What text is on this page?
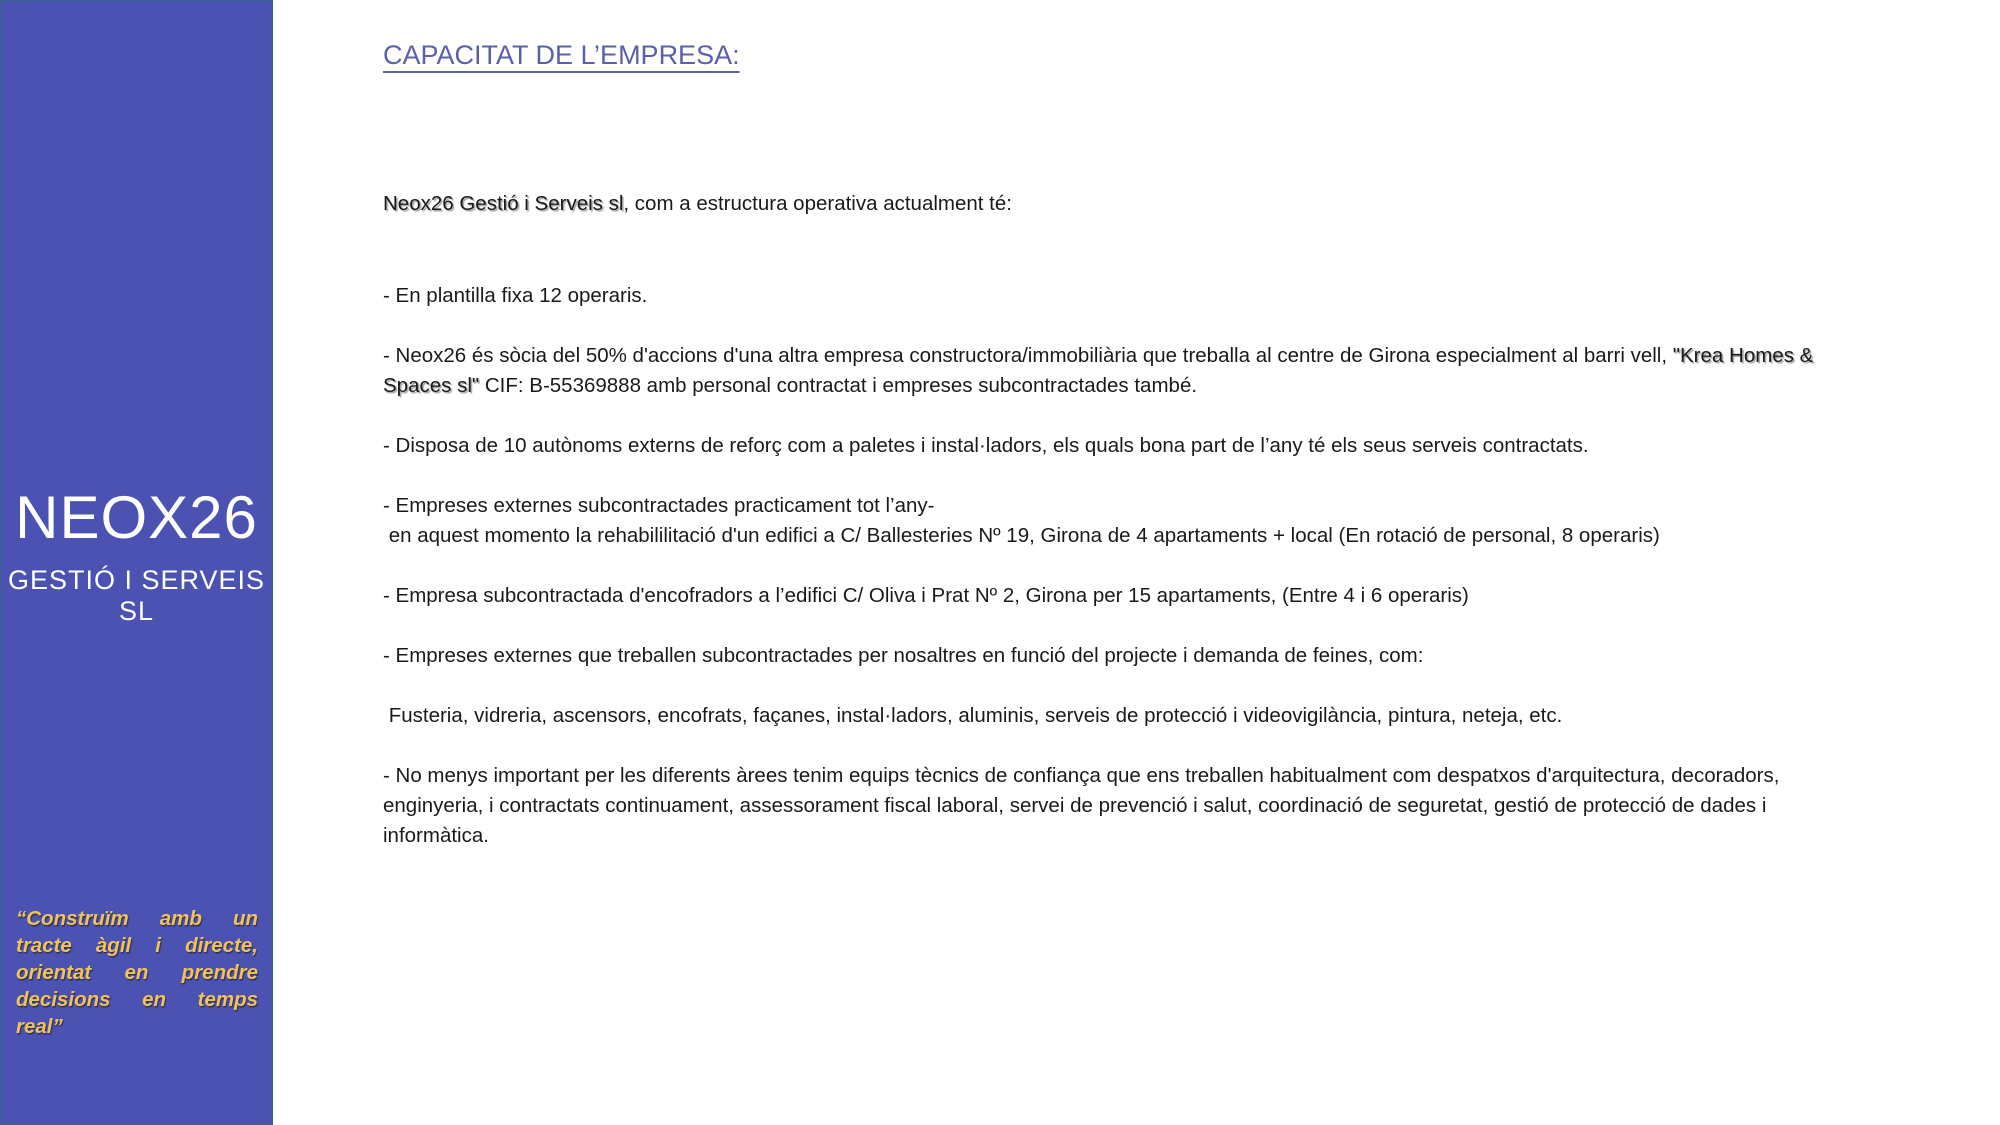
NEOX26
GESTIÓ I SERVEIS SL
“Construïm amb un tracte àgil i directe, orientat en prendre decisions en temps real”
CAPACITAT DE L’EMPRESA:

Neox26 Gestió i Serveis sl, com a estructura operativa actualment té:

- En plantilla fixa 12 operaris.

- Neox26 és sòcia del 50% d'accions d'una altra empresa constructora/immobiliària que treballa al centre de Girona especialment al barri vell, "Krea Homes & Spaces sl" CIF: B-55369888 amb personal contractat i empreses subcontractades també.

- Disposa de 10 autònoms externs de reforç com a paletes i instal·ladors, els quals bona part de l’any té els seus serveis contractats.

- Empreses externes subcontractades practicament tot l’any-
en aquest momento la rehabililitació d'un edifici a C/ Ballesteries Nº 19, Girona de 4 apartaments + local (En rotació de personal, 8 operaris)

- Empresa subcontractada d'encofradors a l’edifici C/ Oliva i Prat Nº 2, Girona per 15 apartaments, (Entre 4 i 6 operaris)

- Empreses externes que treballen subcontractades per nosaltres en funció del projecte i demanda de feines, com:

Fusteria, vidreria, ascensors, encofrats, façanes, instal·ladors, aluminis, serveis de protecció i videovigilància, pintura, neteja, etc.

- No menys important per les diferents àrees tenim equips tècnics de confiança que ens treballen habitualment com despatxos d'arquitectura, decoradors, enginyeria, i contractats continuament, assessorament fiscal laboral, servei de prevenció i salut, coordinació de seguretat, gestió de protecció de dades i informàtica.
